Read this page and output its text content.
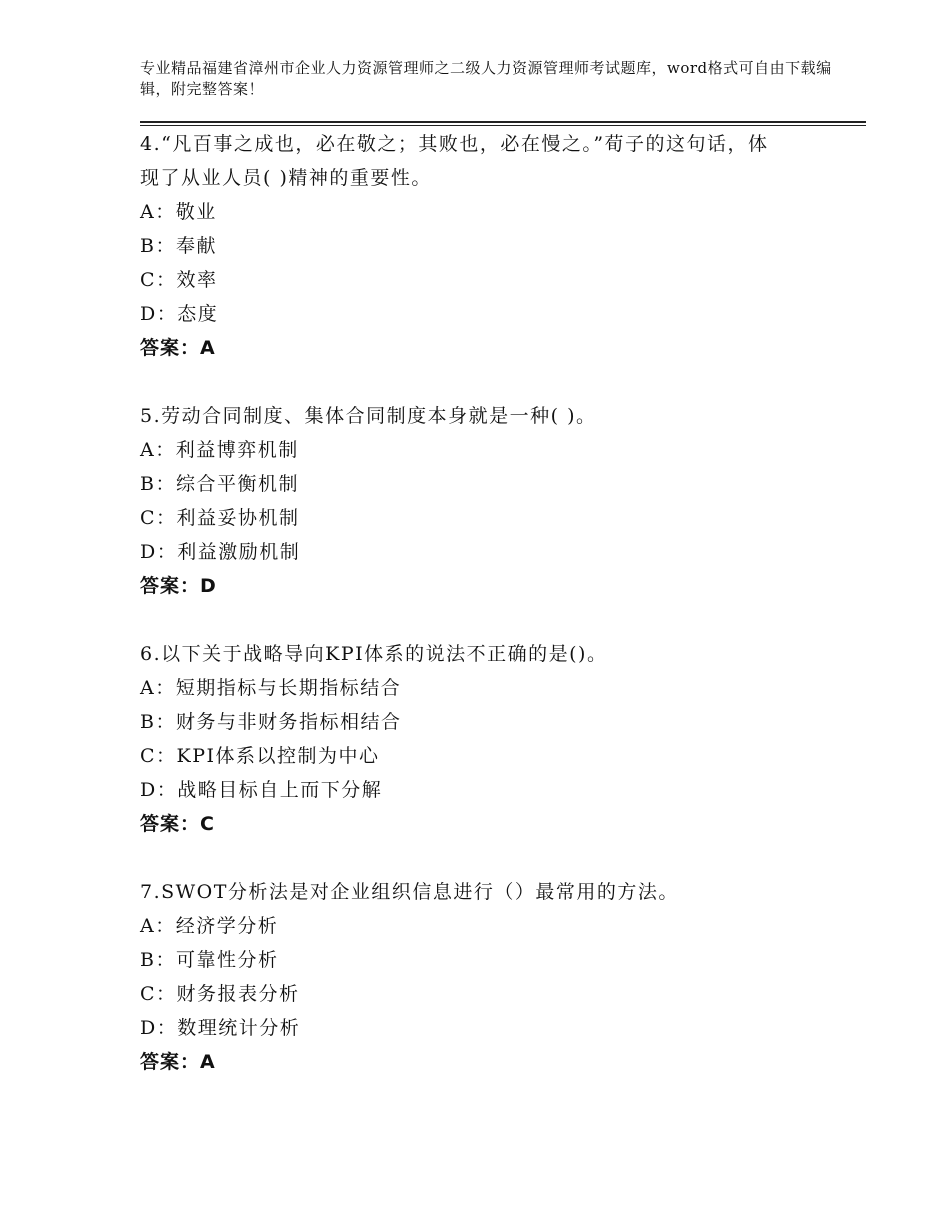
专业精品福建省漳州市企业人力资源管理师之二级人力资源管理师考试题库，word格式可自由下载编辑，附完整答案！
4.“凡百事之成也，必在敬之；其败也，必在慢之。”荀子的这句话，体现了从业人员( )精神的重要性。
A：敬业
B：奉献
C：效率
D：态度
答案：A
5.劳动合同制度、集体合同制度本身就是一种( )。
A：利益博弈机制
B：综合平衡机制
C：利益妥协机制
D：利益激励机制
答案：D
6.以下关于战略导向KPI体系的说法不正确的是()。
A：短期指标与长期指标结合
B：财务与非财务指标相结合
C：KPI体系以控制为中心
D：战略目标自上而下分解
答案：C
7.SWOT分析法是对企业组织信息进行（）最常用的方法。
A：经济学分析
B：可靠性分析
C：财务报表分析
D：数理统计分析
答案：A
